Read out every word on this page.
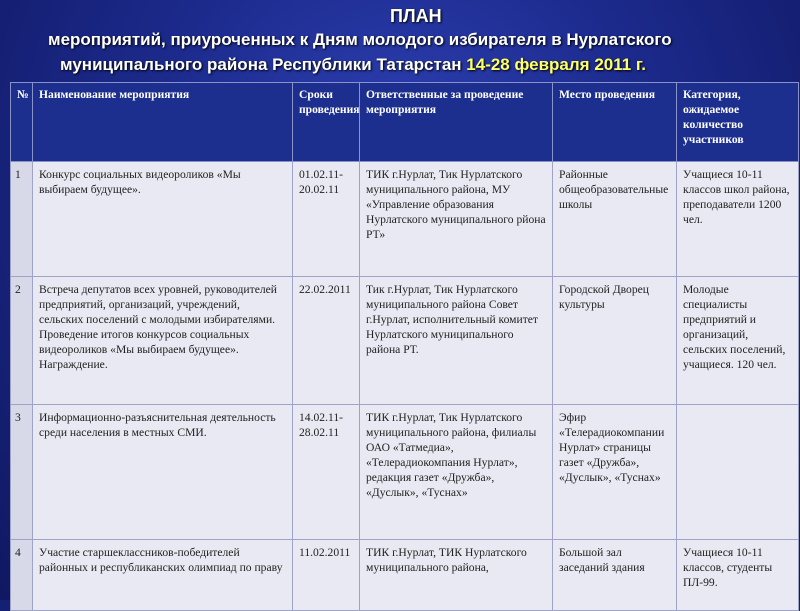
ПЛАН
мероприятий, приуроченных к Дням молодого избирателя в Нурлатского
муниципального района Республики Татарстан 14-28 февраля 2011 г.
№	Наименование мероприятия	Сроки проведения	Ответственные за проведение мероприятия	Место проведения	Категория, ожидаемое количество участников
1	Конкурс социальных видеороликов «Мы выбираем будущее».	01.02.11-20.02.11	ТИК г.Нурлат, Тик Нурлатского муниципального района, МУ «Управление образования Нурлатского муниципального рйона РТ»	Районные общеобразовательные школы	Учащиеся 10-11 классов школ района, преподаватели 1200 чел.
2	Встреча депутатов всех уровней, руководителей предприятий, организаций, учреждений, сельских поселений с молодыми избирателями. Проведение итогов конкурсов социальных видеороликов «Мы выбираем будущее». Награждение.	22.02.2011	Тик г.Нурлат, Тик Нурлатского муниципального района Совет г.Нурлат, исполнительный комитет Нурлатского муниципального района РТ.	Городской Дворец культуры	Молодые специалисты предприятий и организаций, сельских поселений, учащиеся. 120 чел.
3	Информационно-разъяснительная деятельность среди населения в местных СМИ.	14.02.11-28.02.11	ТИК г.Нурлат, Тик Нурлатского муниципального района, филиалы ОАО «Татмедиа», «Телерадиокомпания Нурлат», редакция газет «Дружба», «Дуслык», «Туснах»	Эфир «Телерадиокомпании Нурлат» страницы газет «Дружба», «Дуслык», «Туснах»	
4	Участие старшеклассников-победителей районных и республиканских олимпиад по праву	11.02.2011	ТИК г.Нурлат, ТИК Нурлатского муниципального района,	Большой зал заседаний здания	Учащиеся 10-11 классов, студенты ПЛ-99.
